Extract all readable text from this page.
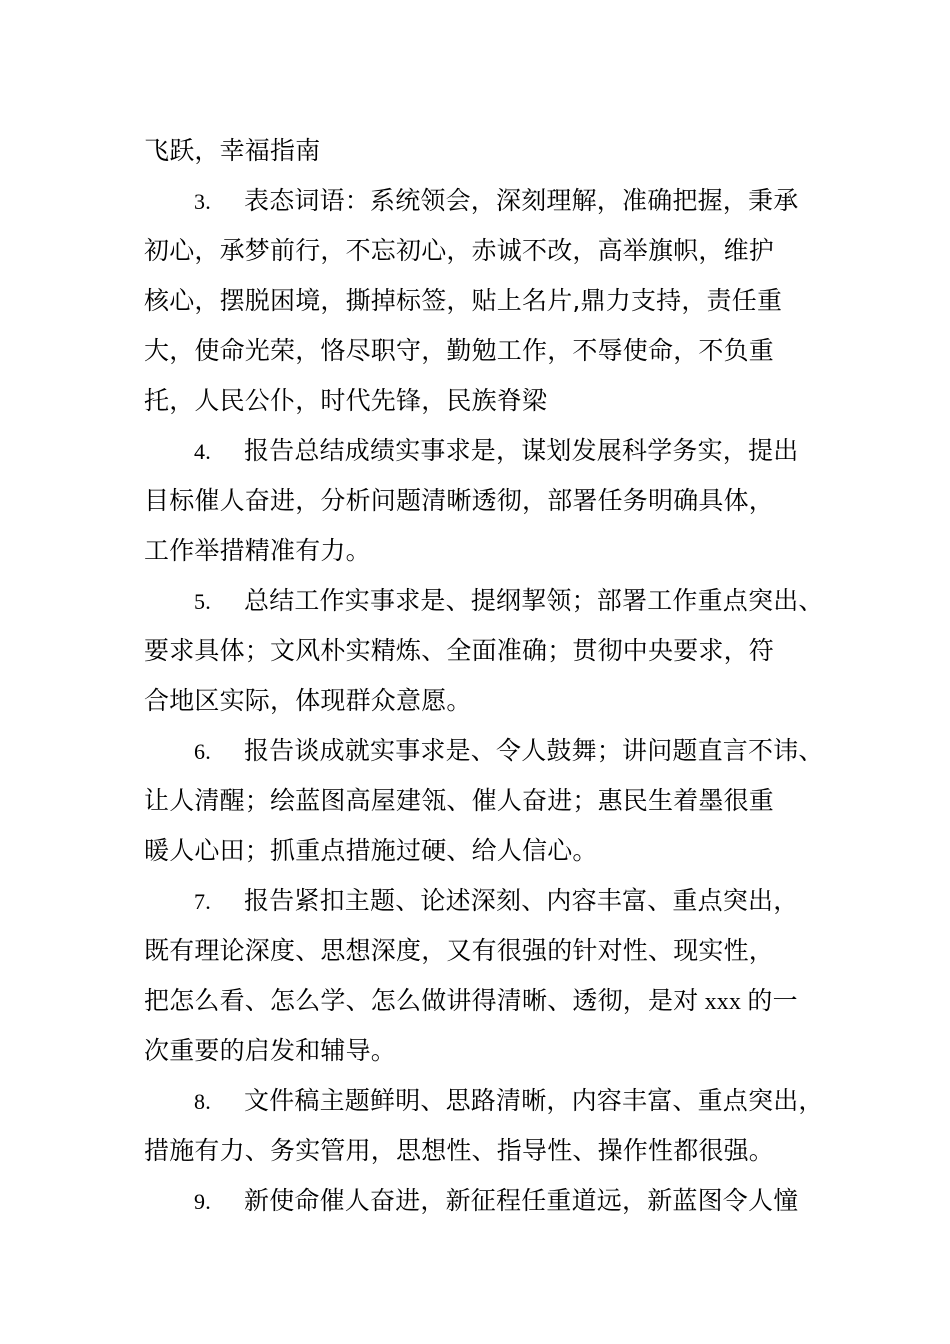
飞跃，幸福指南
3. 表态词语：系统领会，深刻理解，准确把握，秉承
初心，承梦前行，不忘初心，赤诚不改，高举旗帜，维护
核心，摆脱困境，撕掉标签，贴上名片,鼎力支持，责任重
大，使命光荣，恪尽职守，勤勉工作，不辱使命，不负重
托，人民公仆，时代先锋，民族脊梁
4. 报告总结成绩实事求是，谋划发展科学务实，提出
目标催人奋进，分析问题清晰透彻，部署任务明确具体，
工作举措精准有力。
5. 总结工作实事求是、提纲挈领；部署工作重点突出、
要求具体；文风朴实精炼、全面准确；贯彻中央要求，符
合地区实际，体现群众意愿。
6. 报告谈成就实事求是、令人鼓舞；讲问题直言不讳、
让人清醒；绘蓝图高屋建瓴、催人奋进；惠民生着墨很重
暖人心田；抓重点措施过硬、给人信心。
7. 报告紧扣主题、论述深刻、内容丰富、重点突出，
既有理论深度、思想深度，又有很强的针对性、现实性，
把怎么看、怎么学、怎么做讲得清晰、透彻，是对 xxx 的一
次重要的启发和辅导。
8. 文件稿主题鲜明、思路清晰，内容丰富、重点突出，
措施有力、务实管用，思想性、指导性、操作性都很强。
9. 新使命催人奋进，新征程任重道远，新蓝图令人憧
